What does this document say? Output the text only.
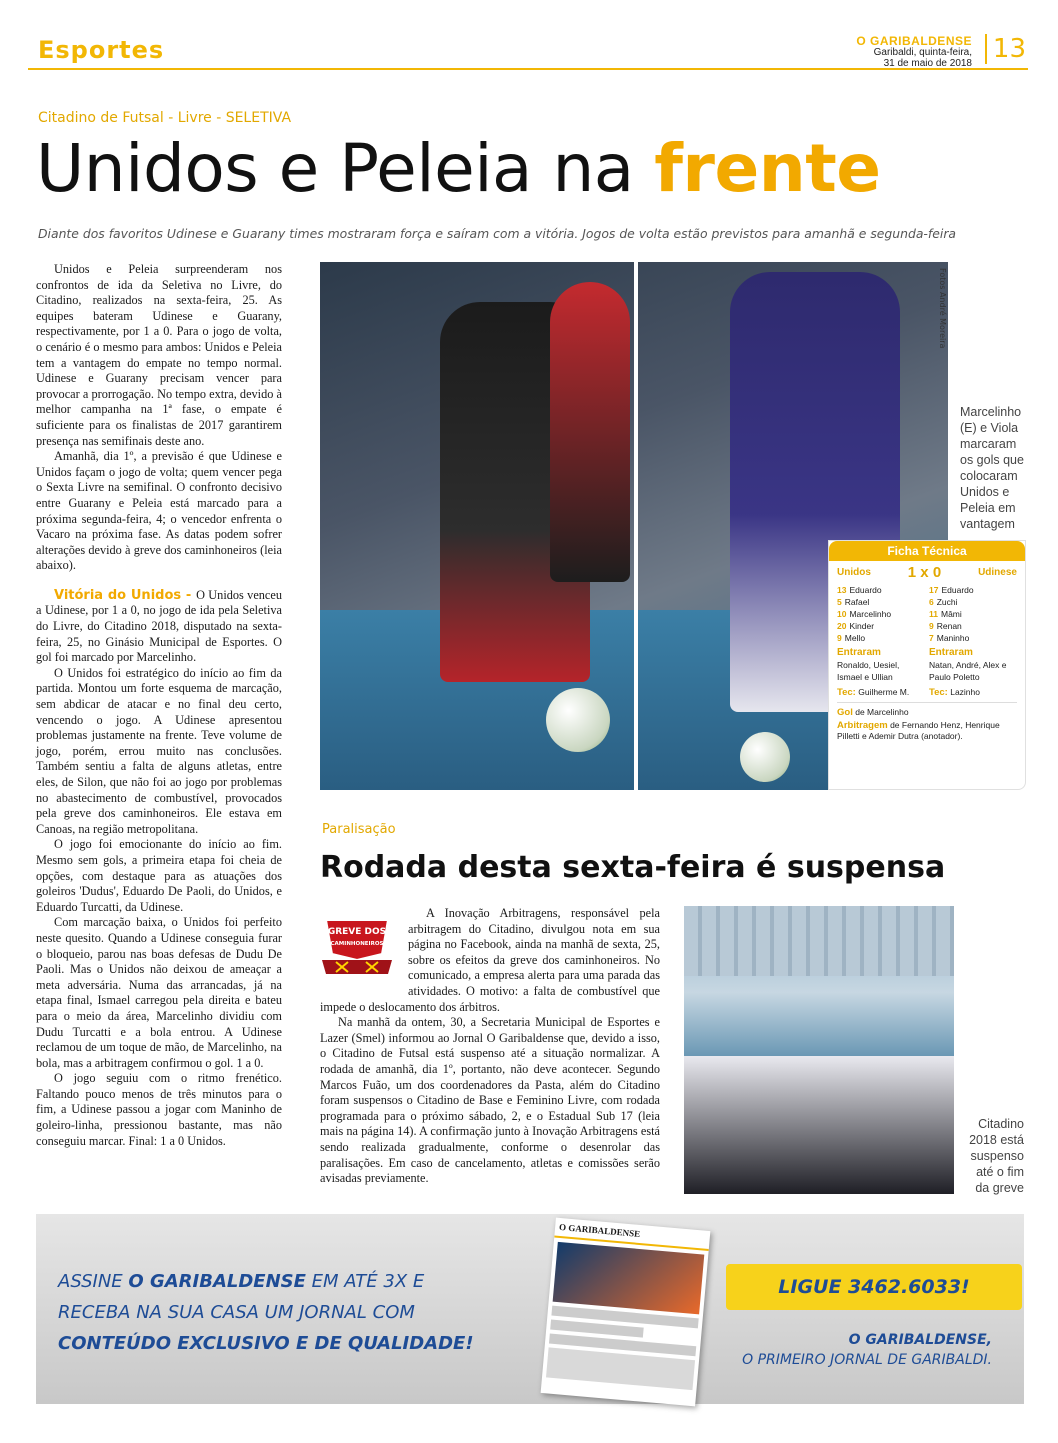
Esportes	O GARIBALDENSE
Garibaldi, quinta-feira,
31 de maio de 2018 13
Citadino de Futsal - Livre - SELETIVA
Unidos e Peleia na frente
Diante dos favoritos Udinese e Guarany times mostraram força e saíram com a vitória. Jogos de volta estão previstos para amanhã e segunda-feira

Unidos e Peleia surpreenderam nos confrontos de ida da Seletiva no Livre, do Citadino, realizados na sexta-feira, 25. As equipes bateram Udinese e Guarany, respectivamente, por 1 a 0. Para o jogo de volta, o cenário é o mesmo para ambos: Unidos e Peleia tem a vantagem do empate no tempo normal. Udinese e Guarany precisam vencer para provocar a prorrogação. No tempo extra, devido à melhor campanha na 1ª fase, o empate é suficiente para os finalistas de 2017 garantirem presença nas semifinais deste ano.

Amanhã, dia 1º, a previsão é que Udinese e Unidos façam o jogo de volta; quem vencer pega o Sexta Livre na semifinal. O confronto decisivo entre Guarany e Peleia está marcado para a próxima segunda-feira, 4; o vencedor enfrenta o Vacaro na próxima fase. As datas podem sofrer alterações devido à greve dos caminhoneiros (leia abaixo).

Vitória do Unidos - O Unidos venceu a Udinese, por 1 a 0, no jogo de ida pela Seletiva do Livre, do Citadino 2018, disputado na sexta-feira, 25, no Ginásio Municipal de Esportes. O gol foi marcado por Marcelinho.

O Unidos foi estratégico do início ao fim da partida. Montou um forte esquema de marcação, sem abdicar de atacar e no final deu certo, vencendo o jogo. A Udinese apresentou problemas justamente na frente. Teve volume de jogo, porém, errou muito nas conclusões. Também sentiu a falta de alguns atletas, entre eles, de Silon, que não foi ao jogo por problemas no abastecimento de combustível, provocados pela greve dos caminhoneiros. Ele estava em Canoas, na região metropolitana.

O jogo foi emocionante do início ao fim. Mesmo sem gols, a primeira etapa foi cheia de opções, com destaque para as atuações dos goleiros 'Dudus', Eduardo De Paoli, do Unidos, e Eduardo Turcatti, da Udinese.

Com marcação baixa, o Unidos foi perfeito neste quesito. Quando a Udinese conseguia furar o bloqueio, parou nas boas defesas de Dudu De Paoli. Mas o Unidos não deixou de ameaçar a meta adversária. Numa das arrancadas, já na etapa final, Ismael carregou pela direita e bateu para o meio da área, Marcelinho dividiu com Dudu Turcatti e a bola entrou. A Udinese reclamou de um toque de mão, de Marcelinho, na bola, mas a arbitragem confirmou o gol. 1 a 0.

O jogo seguiu com o ritmo frenético. Faltando pouco menos de três minutos para o fim, a Udinese passou a jogar com Maninho de goleiro-linha, pressionou bastante, mas não conseguiu marcar. Final: 1 a 0 Unidos.

Fotos André Moreira
Marcelinho (E) e Viola marcaram os gols que colocaram Unidos e Peleia em vantagem
Ficha Técnica
Unidos 1 x 0	Udinese
13 Eduardo
5 Rafael
10 Marcelinho
20 Kinder
9 Mello
Entraram
Ronaldo, Uesiel, Ismael e Ullian
Tec: Guilherme M.
17 Eduardo
6 Zuchi
11 Mâmi
9 Renan
7 Maninho
Entraram
Natan, André, Alex e Paulo Poletto
Tec: Lazinho
Gol de Marcelinho
Arbitragem de Fernando Henz, Henrique Pilletti e Ademir Dutra (anotador).
Paralisação
Rodada desta sexta-feira é suspensa

A Inovação Arbitragens, responsável pela arbitragem do Citadino, divulgou nota em sua página no Facebook, ainda na manhã de sexta, 25, sobre os efeitos da greve dos caminhoneiros. No comunicado, a empresa alerta para uma parada das atividades. O motivo: a falta de combustível que impede o deslocamento dos árbitros.

Na manhã da ontem, 30, a Secretaria Municipal de Esportes e Lazer (Smel) informou ao Jornal O Garibaldense que, devido a isso, o Citadino de Futsal está suspenso até a situação normalizar. A rodada de amanhã, dia 1º, portanto, não deve acontecer. Segundo Marcos Fuão, um dos coordenadores da Pasta, além do Citadino foram suspensos o Citadino de Base e Feminino Livre, com rodada programada para o próximo sábado, 2, e o Estadual Sub 17 (leia mais na página 14). A confirmação junto à Inovação Arbitragens está sendo realizada gradualmente, conforme o desenrolar das paralisações. Em caso de cancelamento, atletas e comissões serão avisadas previamente.

GREVE DOS
CAMINHONEIROS
Citadino 2018 está suspenso até o fim da greve
ASSINE O GARIBALDENSE EM ATÉ 3X E
RECEBA NA SUA CASA UM JORNAL COM
CONTEÚDO EXCLUSIVO E DE QUALIDADE!
O GARIBALDENSE
LIGUE 3462.6033!
O GARIBALDENSE,
O PRIMEIRO JORNAL DE GARIBALDI.
